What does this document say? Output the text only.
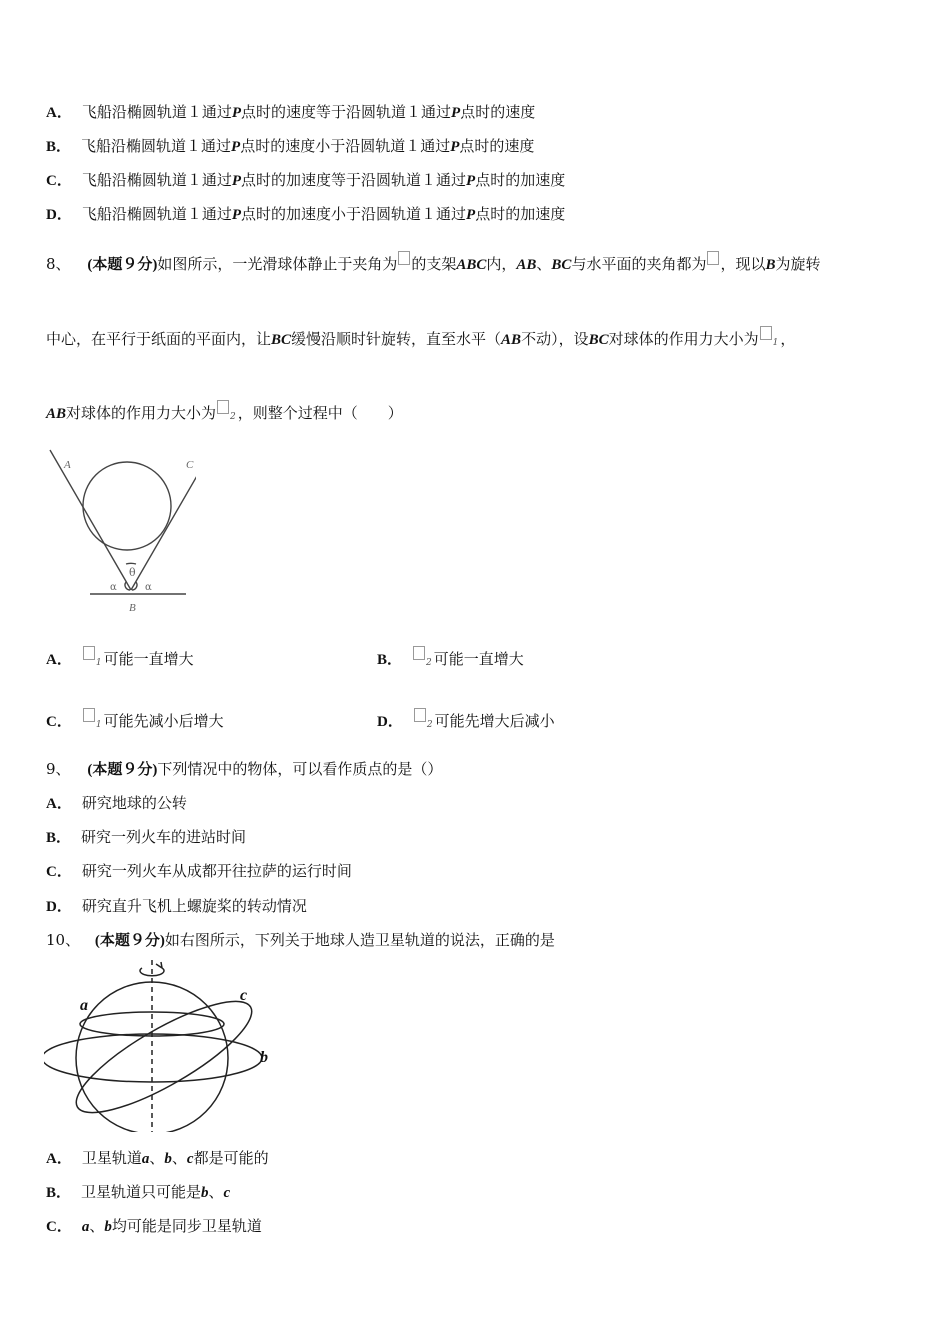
A． 飞船沿椭圆轨道１通过P点时的速度等于沿圆轨道１通过P点时的速度
B． 飞船沿椭圆轨道１通过P点时的速度小于沿圆轨道１通过P点时的速度
C． 飞船沿椭圆轨道１通过P点时的加速度等于沿圆轨道１通过P点时的加速度
D． 飞船沿椭圆轨道１通过P点时的加速度小于沿圆轨道１通过P点时的加速度
8、 (本题９分)如图所示，一光滑球体静止于夹角为 的支架ABC内，AB、BC与水平面的夹角都为 ，现以B为旋转
中心，在平行于纸面的平面内，让BC缓慢沿顺时针旋转，直至水平（AB不动），设BC对球体的作用力大小为 1 ，
AB对球体的作用力大小为 2 ，则整个过程中（　　）
A	C
B
θ
α	α
A．	1 可能一直增大	B．	2 可能一直增大
C．	1 可能先减小后增大	D．	2 可能先增大后减小
9、 (本题９分)下列情况中的物体，可以看作质点的是（）
A． 研究地球的公转
B． 研究一列火车的进站时间
C． 研究一列火车从成都开往拉萨的运行时间
D． 研究直升飞机上螺旋桨的转动情况
10、 (本题９分)如右图所示，下列关于地球人造卫星轨道的说法，正确的是
a
b
c
A． 卫星轨道a、b、c都是可能的
B． 卫星轨道只可能是b、c
C． a、b均可能是同步卫星轨道
